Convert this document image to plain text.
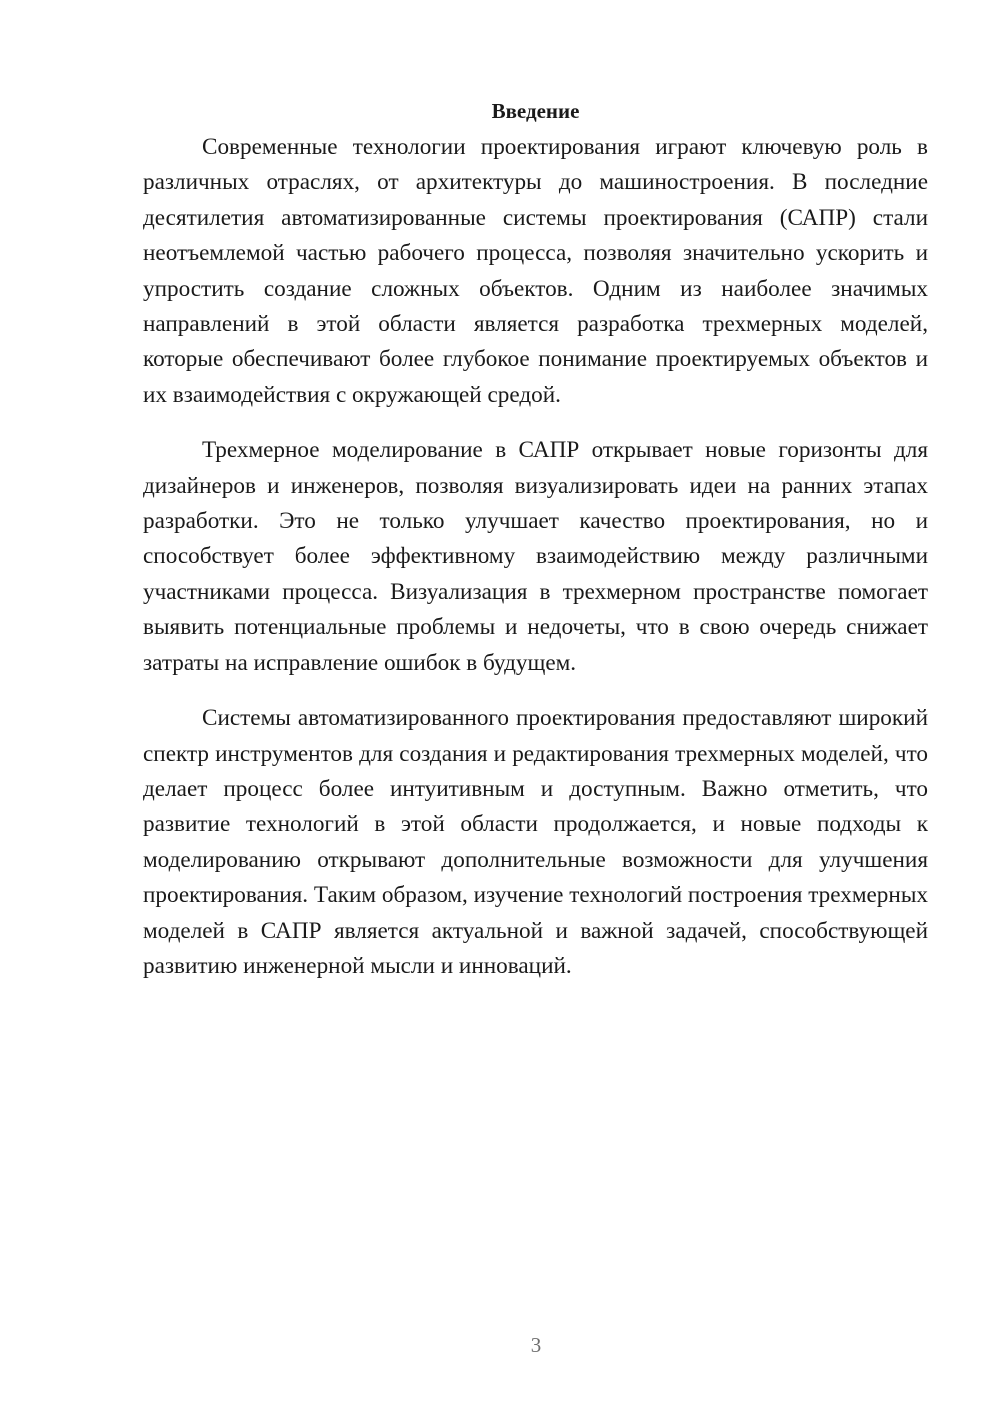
Введение

Современные технологии проектирования играют ключевую роль в различных отраслях, от архитектуры до машиностроения. В последние десятилетия автоматизированные системы проектирования (САПР) стали неотъемлемой частью рабочего процесса, позволяя значительно ускорить и упростить создание сложных объектов. Одним из наиболее значимых направлений в этой области является разработка трехмерных моделей, которые обеспечивают более глубокое понимание проектируемых объектов и их взаимодействия с окружающей средой.

Трехмерное моделирование в САПР открывает новые горизонты для дизайнеров и инженеров, позволяя визуализировать идеи на ранних этапах разработки. Это не только улучшает качество проектирования, но и способствует более эффективному взаимодействию между различными участниками процесса. Визуализация в трехмерном пространстве помогает выявить потенциальные проблемы и недочеты, что в свою очередь снижает затраты на исправление ошибок в будущем.

Системы автоматизированного проектирования предоставляют широкий спектр инструментов для создания и редактирования трехмерных моделей, что делает процесс более интуитивным и доступным. Важно отметить, что развитие технологий в этой области продолжается, и новые подходы к моделированию открывают дополнительные возможности для улучшения проектирования. Таким образом, изучение технологий построения трехмерных моделей в САПР является актуальной и важной задачей, способствующей развитию инженерной мысли и инноваций.

3
